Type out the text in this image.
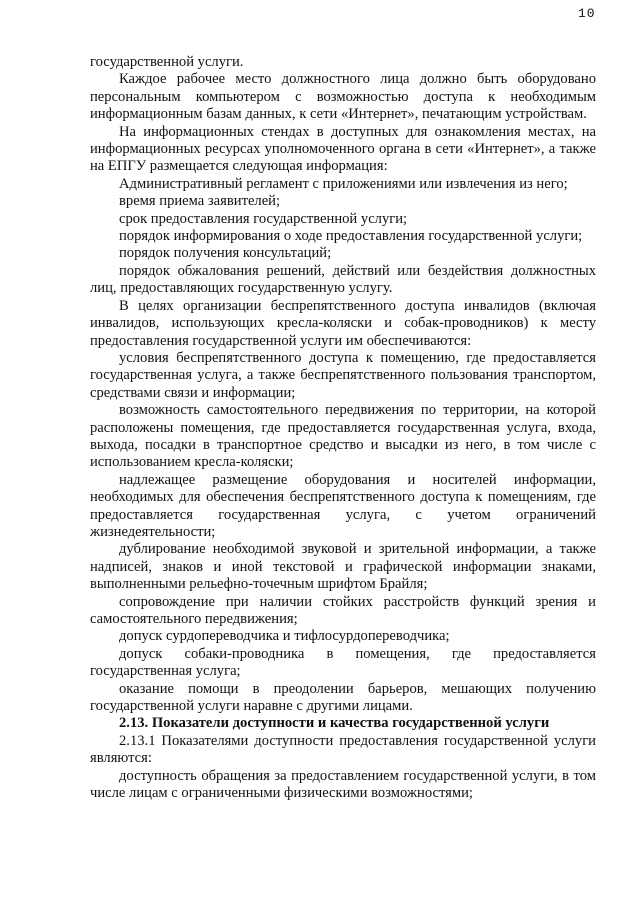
10

государственной услуги.

Каждое рабочее место должностного лица должно быть оборудовано персональным компьютером с возможностью доступа к необходимым информационным базам данных, к сети «Интернет», печатающим устройствам.

На информационных стендах в доступных для ознакомления местах, на информационных ресурсах уполномоченного органа в сети «Интернет», а также на ЕПГУ размещается следующая информация:

Административный регламент с приложениями или извлечения из него;

время приема заявителей;

срок предоставления государственной услуги;

порядок информирования о ходе предоставления государственной услуги;

порядок получения консультаций;

порядок обжалования решений, действий или бездействия должностных лиц, предоставляющих государственную услугу.

В целях организации беспрепятственного доступа инвалидов (включая инвалидов, использующих кресла-коляски и собак-проводников) к месту предоставления государственной услуги им обеспечиваются:

условия беспрепятственного доступа к помещению, где предоставляется государственная услуга, а также беспрепятственного пользования транспортом, средствами связи и информации;

возможность самостоятельного передвижения по территории, на которой расположены помещения, где предоставляется государственная услуга, входа, выхода, посадки в транспортное средство и высадки из него, в том числе с использованием кресла-коляски;

надлежащее размещение оборудования и носителей информации, необходимых для обеспечения беспрепятственного доступа к помещениям, где предоставляется государственная услуга, с учетом ограничений жизнедеятельности;

дублирование необходимой звуковой и зрительной информации, а также надписей, знаков и иной текстовой и графической информации знаками, выполненными рельефно-точечным шрифтом Брайля;

сопровождение при наличии стойких расстройств функций зрения и самостоятельного передвижения;

допуск сурдопереводчика и тифлосурдопереводчика;

допуск собаки-проводника в помещения, где предоставляется государственная услуга;

оказание помощи в преодолении барьеров, мешающих получению государственной услуги наравне с другими лицами.

2.13. Показатели доступности и качества государственной услуги

2.13.1 Показателями доступности предоставления государственной услуги являются:

доступность обращения за предоставлением государственной услуги, в том числе лицам с ограниченными физическими возможностями;
